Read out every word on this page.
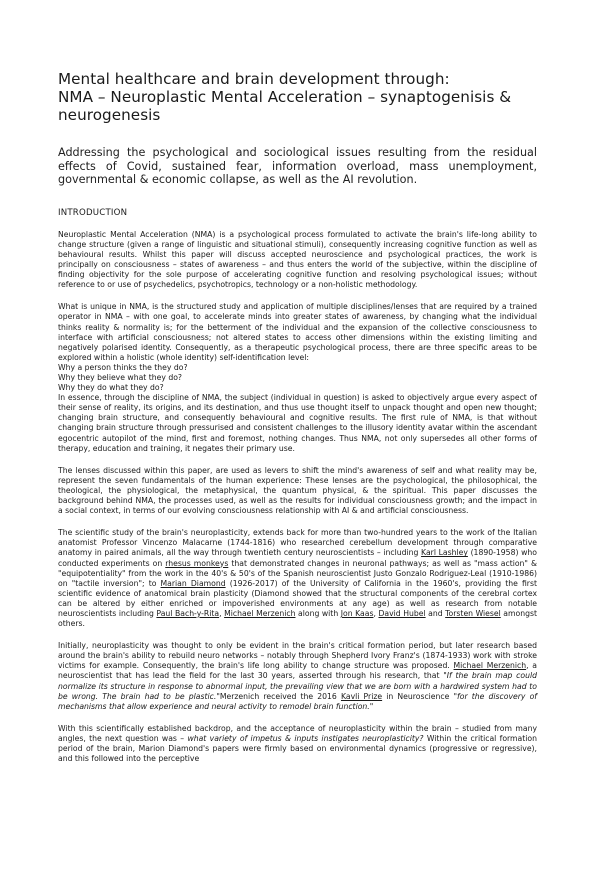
Mental healthcare and brain development through:
NMA – Neuroplastic Mental Acceleration – synaptogenisis &
neurogenesis
Addressing the psychological and sociological issues resulting from the residual effects of Covid, sustained fear, information overload, mass unemployment, governmental & economic collapse, as well as the AI revolution.
INTRODUCTION

Neuroplastic Mental Acceleration (NMA) is a psychological process formulated to activate the brain's life-long ability to change structure (given a range of linguistic and situational stimuli), consequently increasing cognitive function as well as behavioural results. Whilst this paper will discuss accepted neuroscience and psychological practices, the work is principally on consciousness – states of awareness – and thus enters the world of the subjective, within the discipline of finding objectivity for the sole purpose of accelerating cognitive function and resolving psychological issues; without reference to or use of psychedelics, psychotropics, technology or a non-holistic methodology.

What is unique in NMA, is the structured study and application of multiple disciplines/lenses that are required by a trained operator in NMA – with one goal, to accelerate minds into greater states of awareness, by changing what the individual thinks reality & normality is; for the betterment of the individual and the expansion of the collective consciousness to interface with artificial consciousness; not altered states to access other dimensions within the existing limiting and negatively polarised identity. Consequently, as a therapeutic psychological process, there are three specific areas to be explored within a holistic (whole identity) self-identification level:
Why a person thinks the they do?
Why they believe what they do?
Why they do what they do?
In essence, through the discipline of NMA, the subject (individual in question) is asked to objectively argue every aspect of their sense of reality, its origins, and its destination, and thus use thought itself to unpack thought and open new thought; changing brain structure, and consequently behavioural and cognitive results. The first rule of NMA, is that without changing brain structure through pressurised and consistent challenges to the illusory identity avatar within the ascendant egocentric autopilot of the mind, first and foremost, nothing changes. Thus NMA, not only supersedes all other forms of therapy, education and training, it negates their primary use.

The lenses discussed within this paper, are used as levers to shift the mind's awareness of self and what reality may be, represent the seven fundamentals of the human experience: These lenses are the psychological, the philosophical, the theological, the physiological, the metaphysical, the quantum physical, & the spiritual. This paper discusses the background behind NMA, the processes used, as well as the results for individual consciousness growth; and the impact in a social context, in terms of our evolving consciousness relationship with AI & and artificial consciousness.

The scientific study of the brain's neuroplasticity, extends back for more than two-hundred years to the work of the Italian anatomist Professor Vincenzo Malacarne (1744-1816) who researched cerebellum development through comparative anatomy in paired animals, all the way through twentieth century neuroscientists – including Karl Lashley (1890-1958) who conducted experiments on rhesus monkeys that demonstrated changes in neuronal pathways; as well as "mass action" & "equipotentiality" from the work in the 40's & 50's of the Spanish neuroscientist Justo Gonzalo Rodriguez-Leal (1910-1986) on "tactile inversion"; to Marian Diamond (1926-2017) of the University of California in the 1960's, providing the first scientific evidence of anatomical brain plasticity (Diamond showed that the structural components of the cerebral cortex can be altered by either enriched or impoverished environments at any age) as well as research from notable neuroscientists including Paul Bach-y-Rita, Michael Merzenich along with Jon Kaas, David Hubel and Torsten Wiesel amongst others.

Initially, neuroplasticity was thought to only be evident in the brain's critical formation period, but later research based around the brain's ability to rebuild neuro networks – notably through Shepherd Ivory Franz's (1874-1933) work with stroke victims for example. Consequently, the brain's life long ability to change structure was proposed. Michael Merzenich, a neuroscientist that has lead the field for the last 30 years, asserted through his research, that "If the brain map could normalize its structure in response to abnormal input, the prevailing view that we are born with a hardwired system had to be wrong. The brain had to be plastic."Merzenich received the 2016 Kavli Prize in Neuroscience "for the discovery of mechanisms that allow experience and neural activity to remodel brain function."

With this scientifically established backdrop, and the acceptance of neuroplasticity within the brain – studied from many angles, the next question was – what variety of impetus & inputs instigates neuroplasticity? Within the critical formation period of the brain, Marion Diamond's papers were firmly based on environmental dynamics (progressive or regressive), and this followed into the perceptive
